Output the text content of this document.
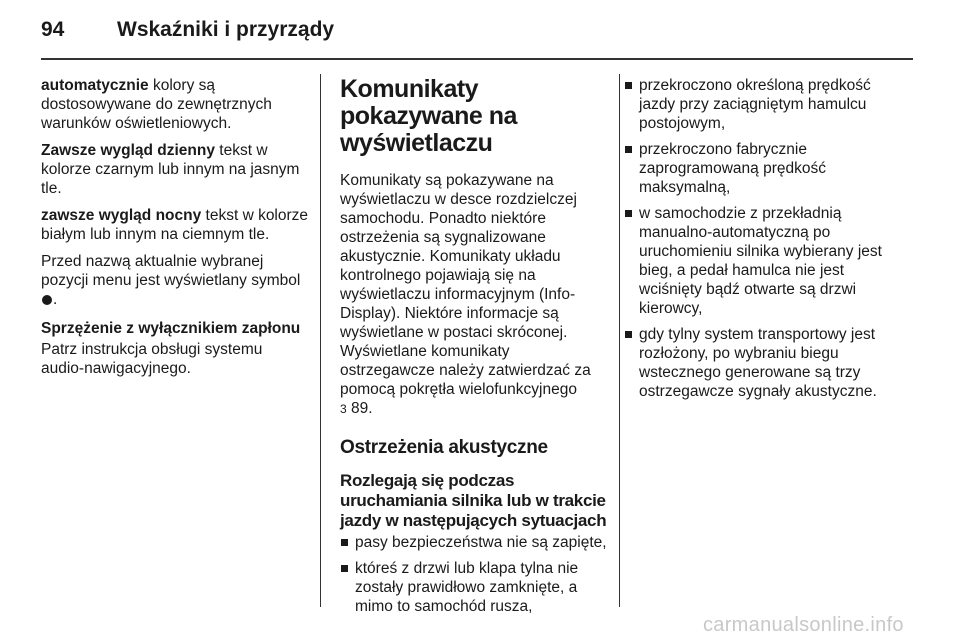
94	Wskaźniki i przyrządy

automatycznie kolory są dostosowywane do zewnętrznych warunków oświetleniowych.

Zawsze wygląd dzienny tekst w kolorze czarnym lub innym na jasnym tle.

zawsze wygląd nocny tekst w kolorze białym lub innym na ciemnym tle.

Przed nazwą aktualnie wybranej pozycji menu jest wyświetlany symbol .

Sprzężenie z wyłącznikiem zapłonu

Patrz instrukcja obsługi systemu audio-nawigacyjnego.

Komunikaty pokazywane na wyświetlaczu

Komunikaty są pokazywane na wyświetlaczu w desce rozdzielczej samochodu. Ponadto niektóre ostrzeżenia są sygnalizowane akustycznie. Komunikaty układu kontrolnego pojawiają się na wyświetlaczu informacyjnym (Info-Display). Niektóre informacje są wyświetlane w postaci skróconej. Wyświetlane komunikaty ostrzegawcze należy zatwierdzać za pomocą pokrętła wielofunkcyjnego
3 89.

Ostrzeżenia akustyczne
Rozlegają się podczas uruchamiania silnika lub w trakcie jazdy w następujących sytuacjach
pasy bezpieczeństwa nie są zapięte,
któreś z drzwi lub klapa tylna nie zostały prawidłowo zamknięte, a mimo to samochód rusza,
przekroczono określoną prędkość jazdy przy zaciągniętym hamulcu postojowym,
przekroczono fabrycznie zaprogramowaną prędkość maksymalną,
w samochodzie z przekładnią manualno-automatyczną po uruchomieniu silnika wybierany jest bieg, a pedał hamulca nie jest wciśnięty bądź otwarte są drzwi kierowcy,
gdy tylny system transportowy jest rozłożony, po wybraniu biegu wstecznego generowane są trzy ostrzegawcze sygnały akustyczne.
carmanualsonline.info
